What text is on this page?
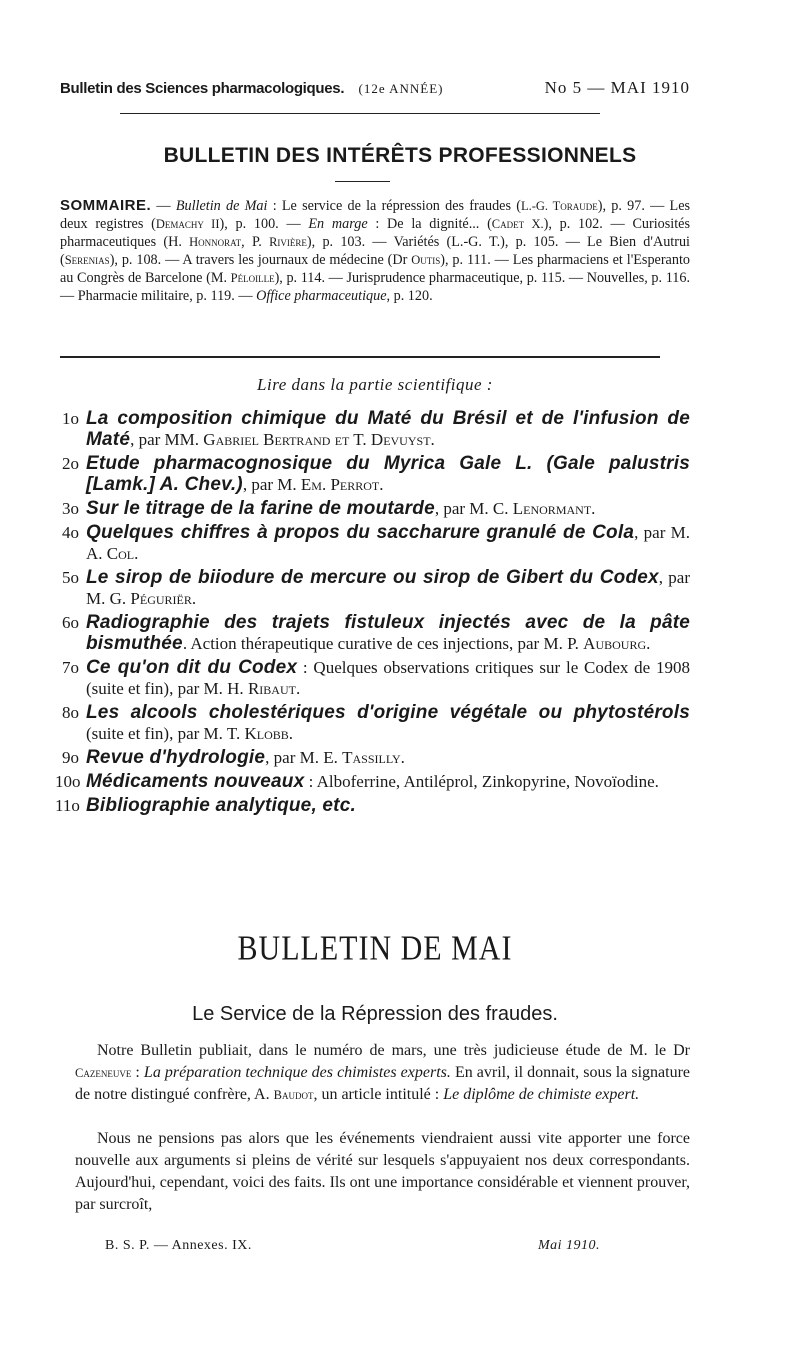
Bulletin des Sciences pharmacologiques. (12e ANNÉE)	No 5 — MAI 1910
BULLETIN DES INTÉRÊTS PROFESSIONNELS
SOMMAIRE. — Bulletin de Mai : Le service de la répression des fraudes (L.-G. Toraude), p. 97. — Les deux registres (Demachy II), p. 100. — En marge : De la dignité... (Cadet X.), p. 102. — Curiosités pharmaceutiques (H. Honnorat, P. Rivière), p. 103. — Variétés (L.-G. T.), p. 105. — Le Bien d'Autrui (Serenias), p. 108. — A travers les journaux de médecine (Dr Outis), p. 111. — Les pharmaciens et l'Esperanto au Congrès de Barcelone (M. Péloille), p. 114. — Jurisprudence pharmaceutique, p. 115. — Nouvelles, p. 116. — Pharmacie militaire, p. 119. — Office pharmaceutique, p. 120.
Lire dans la partie scientifique :
1o La composition chimique du Maté du Brésil et de l'infusion de Maté, par MM. Gabriel Bertrand et T. Devuyst.
2o Etude pharmacognosique du Myrica Gale L. (Gale palustris [Lamk.] A. Chev.), par M. Em. Perrot.
3o Sur le titrage de la farine de moutarde, par M. C. Lenormant.
4o Quelques chiffres à propos du saccharure granulé de Cola, par M. A. Col.
5o Le sirop de biiodure de mercure ou sirop de Gibert du Codex, par M. G. Péguriër.
6o Radiographie des trajets fistuleux injectés avec de la pâte bismuthée. Action thérapeutique curative de ces injections, par M. P. Aubourg.
7o Ce qu'on dit du Codex : Quelques observations critiques sur le Codex de 1908 (suite et fin), par M. H. Ribaut.
8o Les alcools cholestériques d'origine végétale ou phytostérols (suite et fin), par M. T. Klobb.
9o Revue d'hydrologie, par M. E. Tassilly.
10o Médicaments nouveaux : Alboferrine, Antiléprol, Zinkopyrine, Novoïodine.
11o Bibliographie analytique, etc.
BULLETIN DE MAI
Le Service de la Répression des fraudes.
Notre Bulletin publiait, dans le numéro de mars, une très judicieuse étude de M. le Dr Cazeneuve : La préparation technique des chimistes experts. En avril, il donnait, sous la signature de notre distingué confrère, A. Baudot, un article intitulé : Le diplôme de chimiste expert.
Nous ne pensions pas alors que les événements viendraient aussi vite apporter une force nouvelle aux arguments si pleins de vérité sur lesquels s'appuyaient nos deux correspondants. Aujourd'hui, cependant, voici des faits. Ils ont une importance considérable et viennent prouver, par surcroît,
B. S. P. — Annexes. IX.	Mai 1910.
